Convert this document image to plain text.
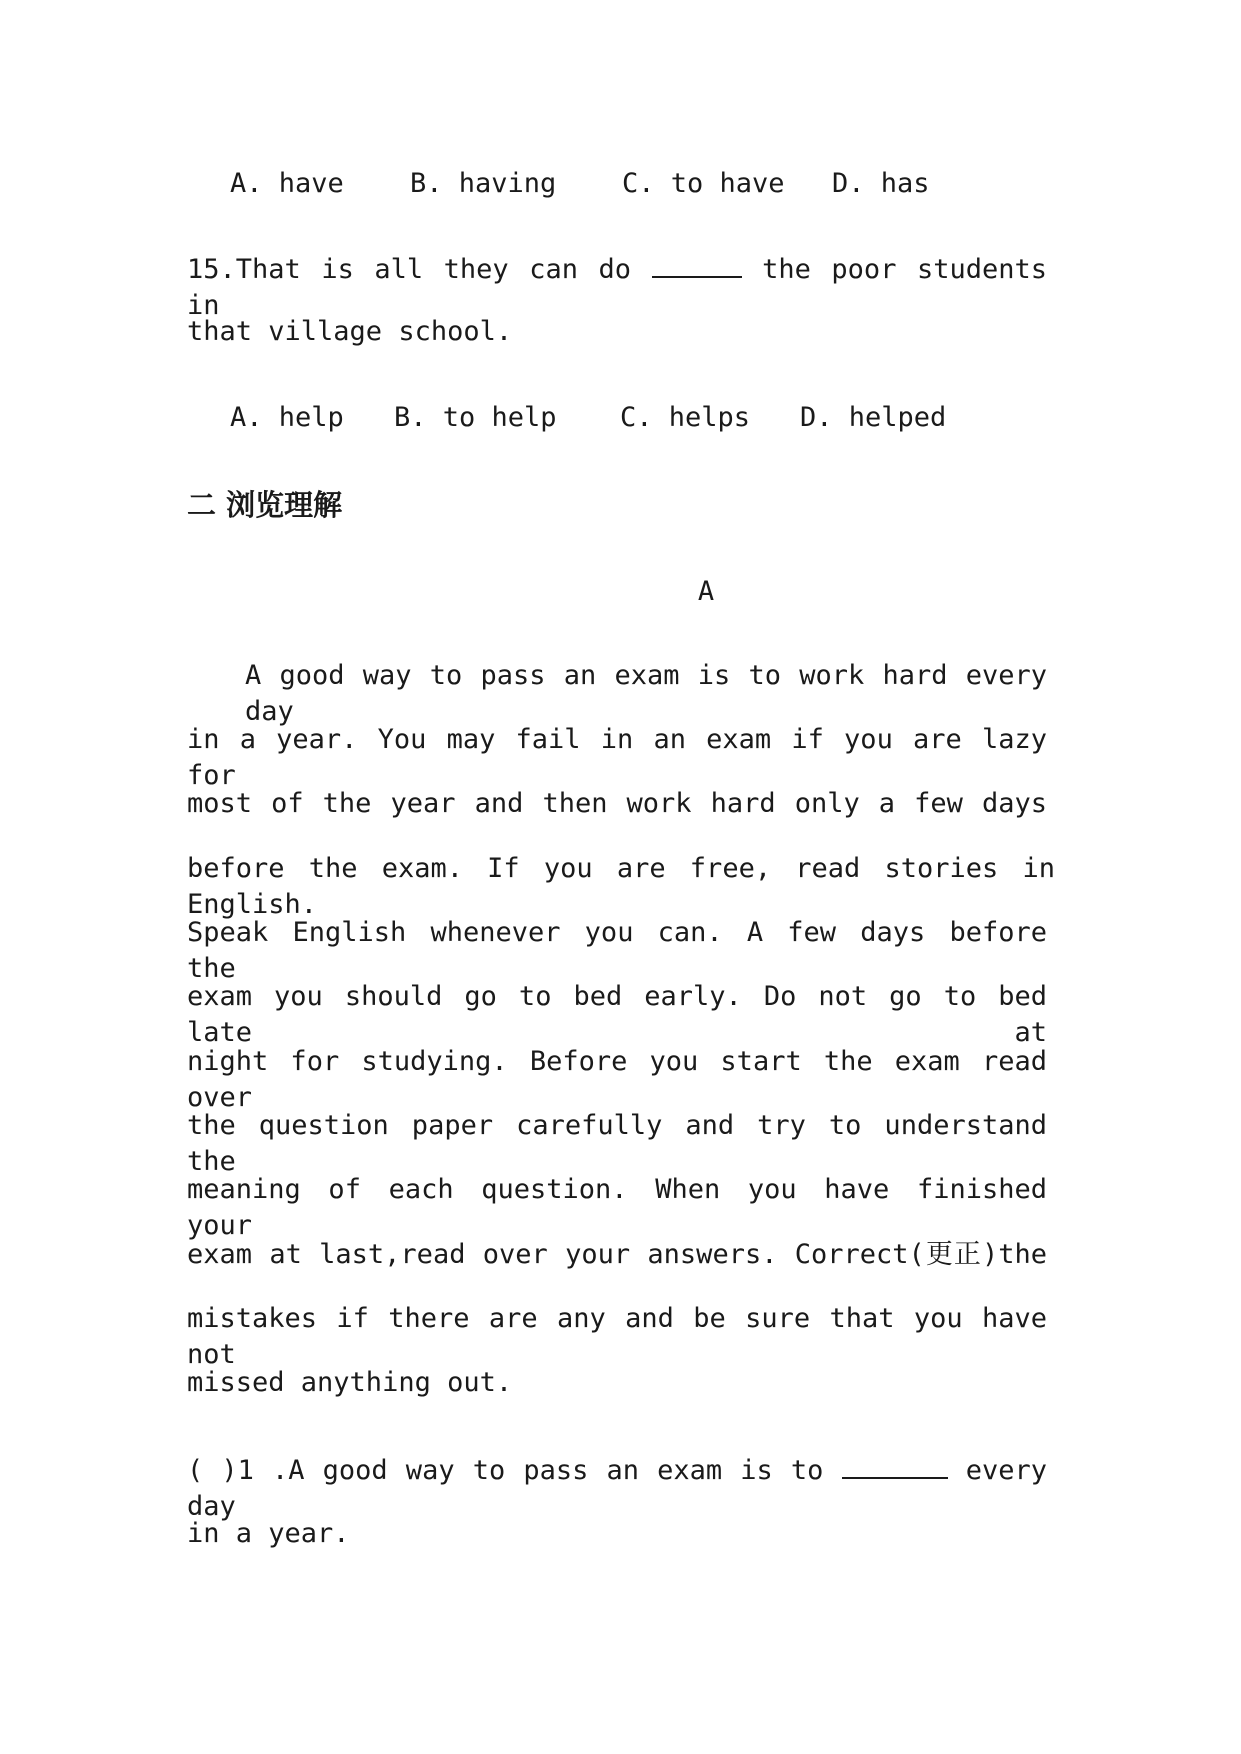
A. have B. having C. to have D. has
15.That is all they can do	the poor students in
that village school.
A. help B. to help C. helps D. helped
二 浏览理解
A
A good way to pass an exam is to work hard every day
in a year. You may fail in an exam if you are lazy for
most of the year and then work hard only a few days
before the exam. If you are free, read stories in English.
Speak English whenever you can. A few days before the
exam you should go to bed early. Do not go to bed late at
night for studying. Before you start the exam read over
the question paper carefully and try to understand the
meaning of each question. When you have finished your
exam at last,read over your answers. Correct(更正)the
mistakes if there are any and be sure that you have not
missed anything out.
( )1 .A good way to pass an exam is to	every day
in a year.
